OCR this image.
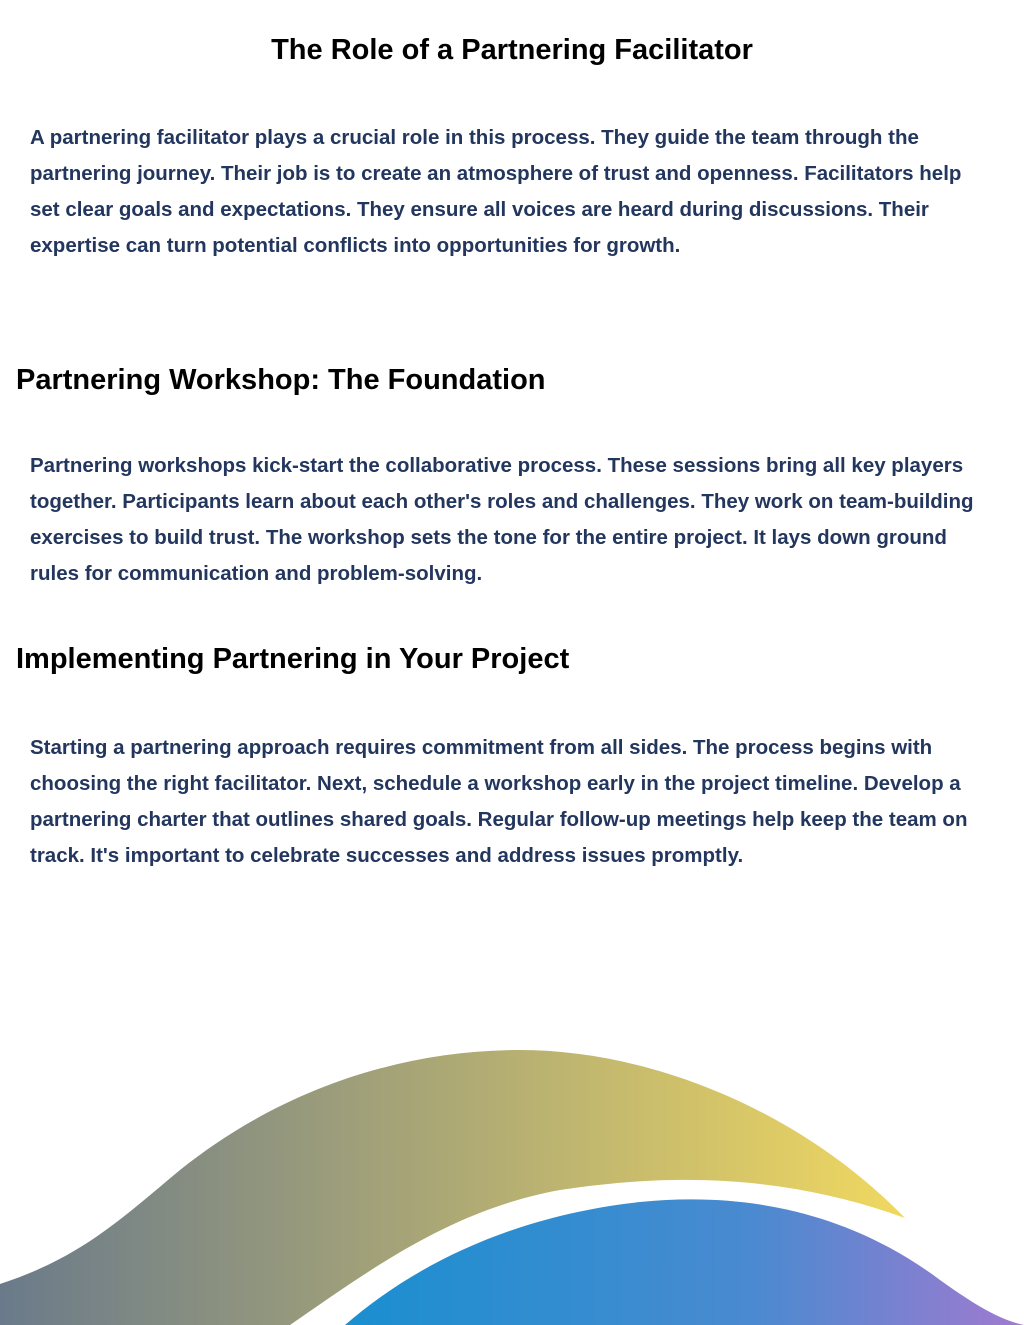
The Role of a Partnering Facilitator

A partnering facilitator plays a crucial role in this process. They guide the team through the partnering journey. Their job is to create an atmosphere of trust and openness. Facilitators help set clear goals and expectations. They ensure all voices are heard during discussions. Their expertise can turn potential conflicts into opportunities for growth.

Partnering Workshop: The Foundation

Partnering workshops kick-start the collaborative process. These sessions bring all key players together. Participants learn about each other's roles and challenges. They work on team-building exercises to build trust. The workshop sets the tone for the entire project. It lays down ground rules for communication and problem-solving.

Implementing Partnering in Your Project

Starting a partnering approach requires commitment from all sides. The process begins with choosing the right facilitator. Next, schedule a workshop early in the project timeline. Develop a partnering charter that outlines shared goals. Regular follow-up meetings help keep the team on track. It's important to celebrate successes and address issues promptly.
